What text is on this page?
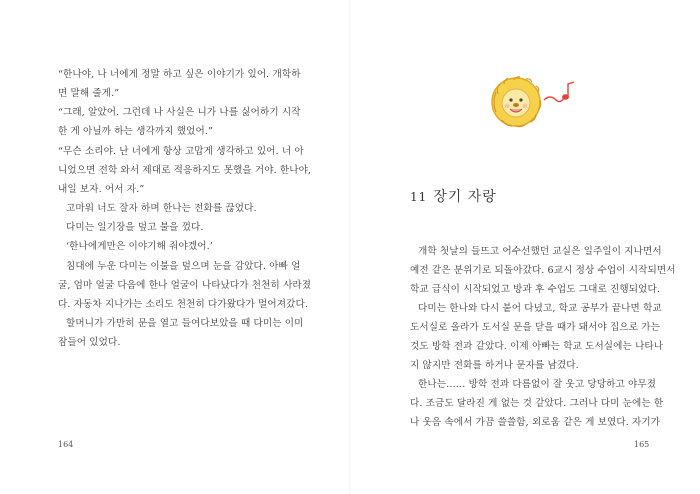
“한나야, 나 너에게 정말 하고 싶은 이야기가 있어. 개학하
면 말해 줄게.”
“그래, 알았어. 그런데 나 사실은 니가 나를 싫어하기 시작
한 게 아닐까 하는 생각까지 했었어.”
“무슨 소리야. 난 너에게 항상 고맙게 생각하고 있어. 너 아
니었으면 전학 와서 제대로 적응하지도 못했을 거야. 한나야,
내일 보자. 어서 자.”
고마워 너도 잘자 하며 한나는 전화를 끊었다.
다미는 일기장을 덮고 불을 껐다.
‘한나에게만은 이야기해 줘야겠어.’
침대에 누운 다미는 이불을 덮으며 눈을 감았다. 아빠 얼
굴, 엄마 얼굴 다음에 한나 얼굴이 나타났다가 천천히 사라졌
다. 자동차 지나가는 소리도 천천히 다가왔다가 멀어져갔다.
할머니가 가만히 문을 열고 들여다보았을 때 다미는 이미
잠들어 있었다.
164
11 장기 자랑
개학 첫날의 들뜨고 어수선했던 교실은 일주일이 지나면서
예전 같은 분위기로 되돌아갔다. 6교시 정상 수업이 시작되면서
학교 급식이 시작되었고 방과 후 수업도 그대로 진행되었다.
다미는 한나와 다시 붙어 다녔고, 학교 공부가 끝나면 학교
도서실로 올라가 도서실 문을 닫을 때가 돼서야 집으로 가는
것도 방학 전과 같았다. 이제 아빠는 학교 도서실에는 나타나
지 않지만 전화를 하거나 문자를 남겼다.
한나는…… 방학 전과 다름없이 잘 웃고 당당하고 야무졌
다. 조금도 달라진 게 없는 것 같았다. 그러나 다미 눈에는 한
나 웃음 속에서 가끔 쓸쓸함, 외로움 같은 게 보였다. 자기가
165
